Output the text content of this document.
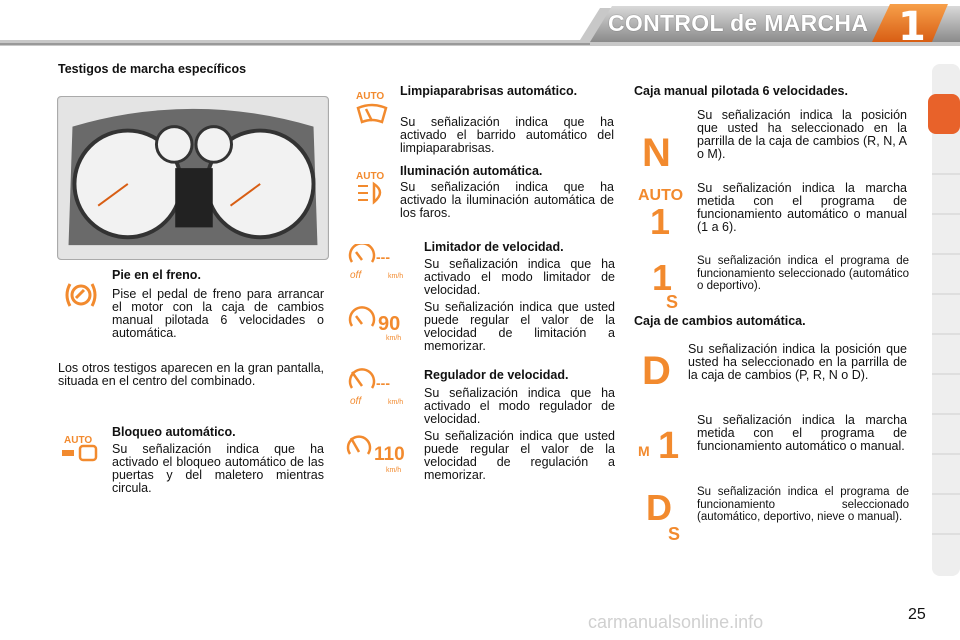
CONTROL de MARCHA 1
Testigos de marcha específicos
Pie en el freno.
Pise el pedal de freno para arrancar el motor con la caja de cambios manual pilotada 6 velocidades o automática.
Los otros testigos aparecen en la gran pantalla, situada en el centro del combinado.
AUTO
Bloqueo automático.
Su señalización indica que ha activado el bloqueo automático de las puertas y del maletero mientras circula.
AUTO Limpiaparabrisas automático.
Su señalización indica que ha activado el barrido automático del limpiaparabrisas.
AUTO Iluminación automática.
Su señalización indica que ha activado la iluminación automática de los faros.
---
off	km/h
90
km/h
Limitador de velocidad.
Su señalización indica que ha activado el modo limitador de velocidad.
Su señalización indica que usted puede regular el valor de la velocidad de limitación a memorizar.
---
off	km/h
110
km/h
Regulador de velocidad.
Su señalización indica que ha activado el modo regulador de velocidad.
Su señalización indica que usted puede regular el valor de la velocidad de regulación a memorizar.
Caja manual pilotada 6 velocidades.
N
Su señalización indica la posición que usted ha seleccionado en la parrilla de la caja de cambios (R, N, A o M).
AUTO
1
Su señalización indica la marcha metida con el programa de funcionamiento automático o manual (1 a 6).
1
S
Su señalización indica el programa de funcionamiento seleccionado (automático o deportivo).
Caja de cambios automática.
D Su señalización indica la posición que usted ha seleccionado en la parrilla de la caja de cambios (P, R, N o D).
M 1
Su señalización indica la marcha metida con el programa de funcionamiento automático o manual.
D
S
Su señalización indica el programa de funcionamiento seleccionado (automático, deportivo, nieve o manual).
carmanualsonline.info	25
